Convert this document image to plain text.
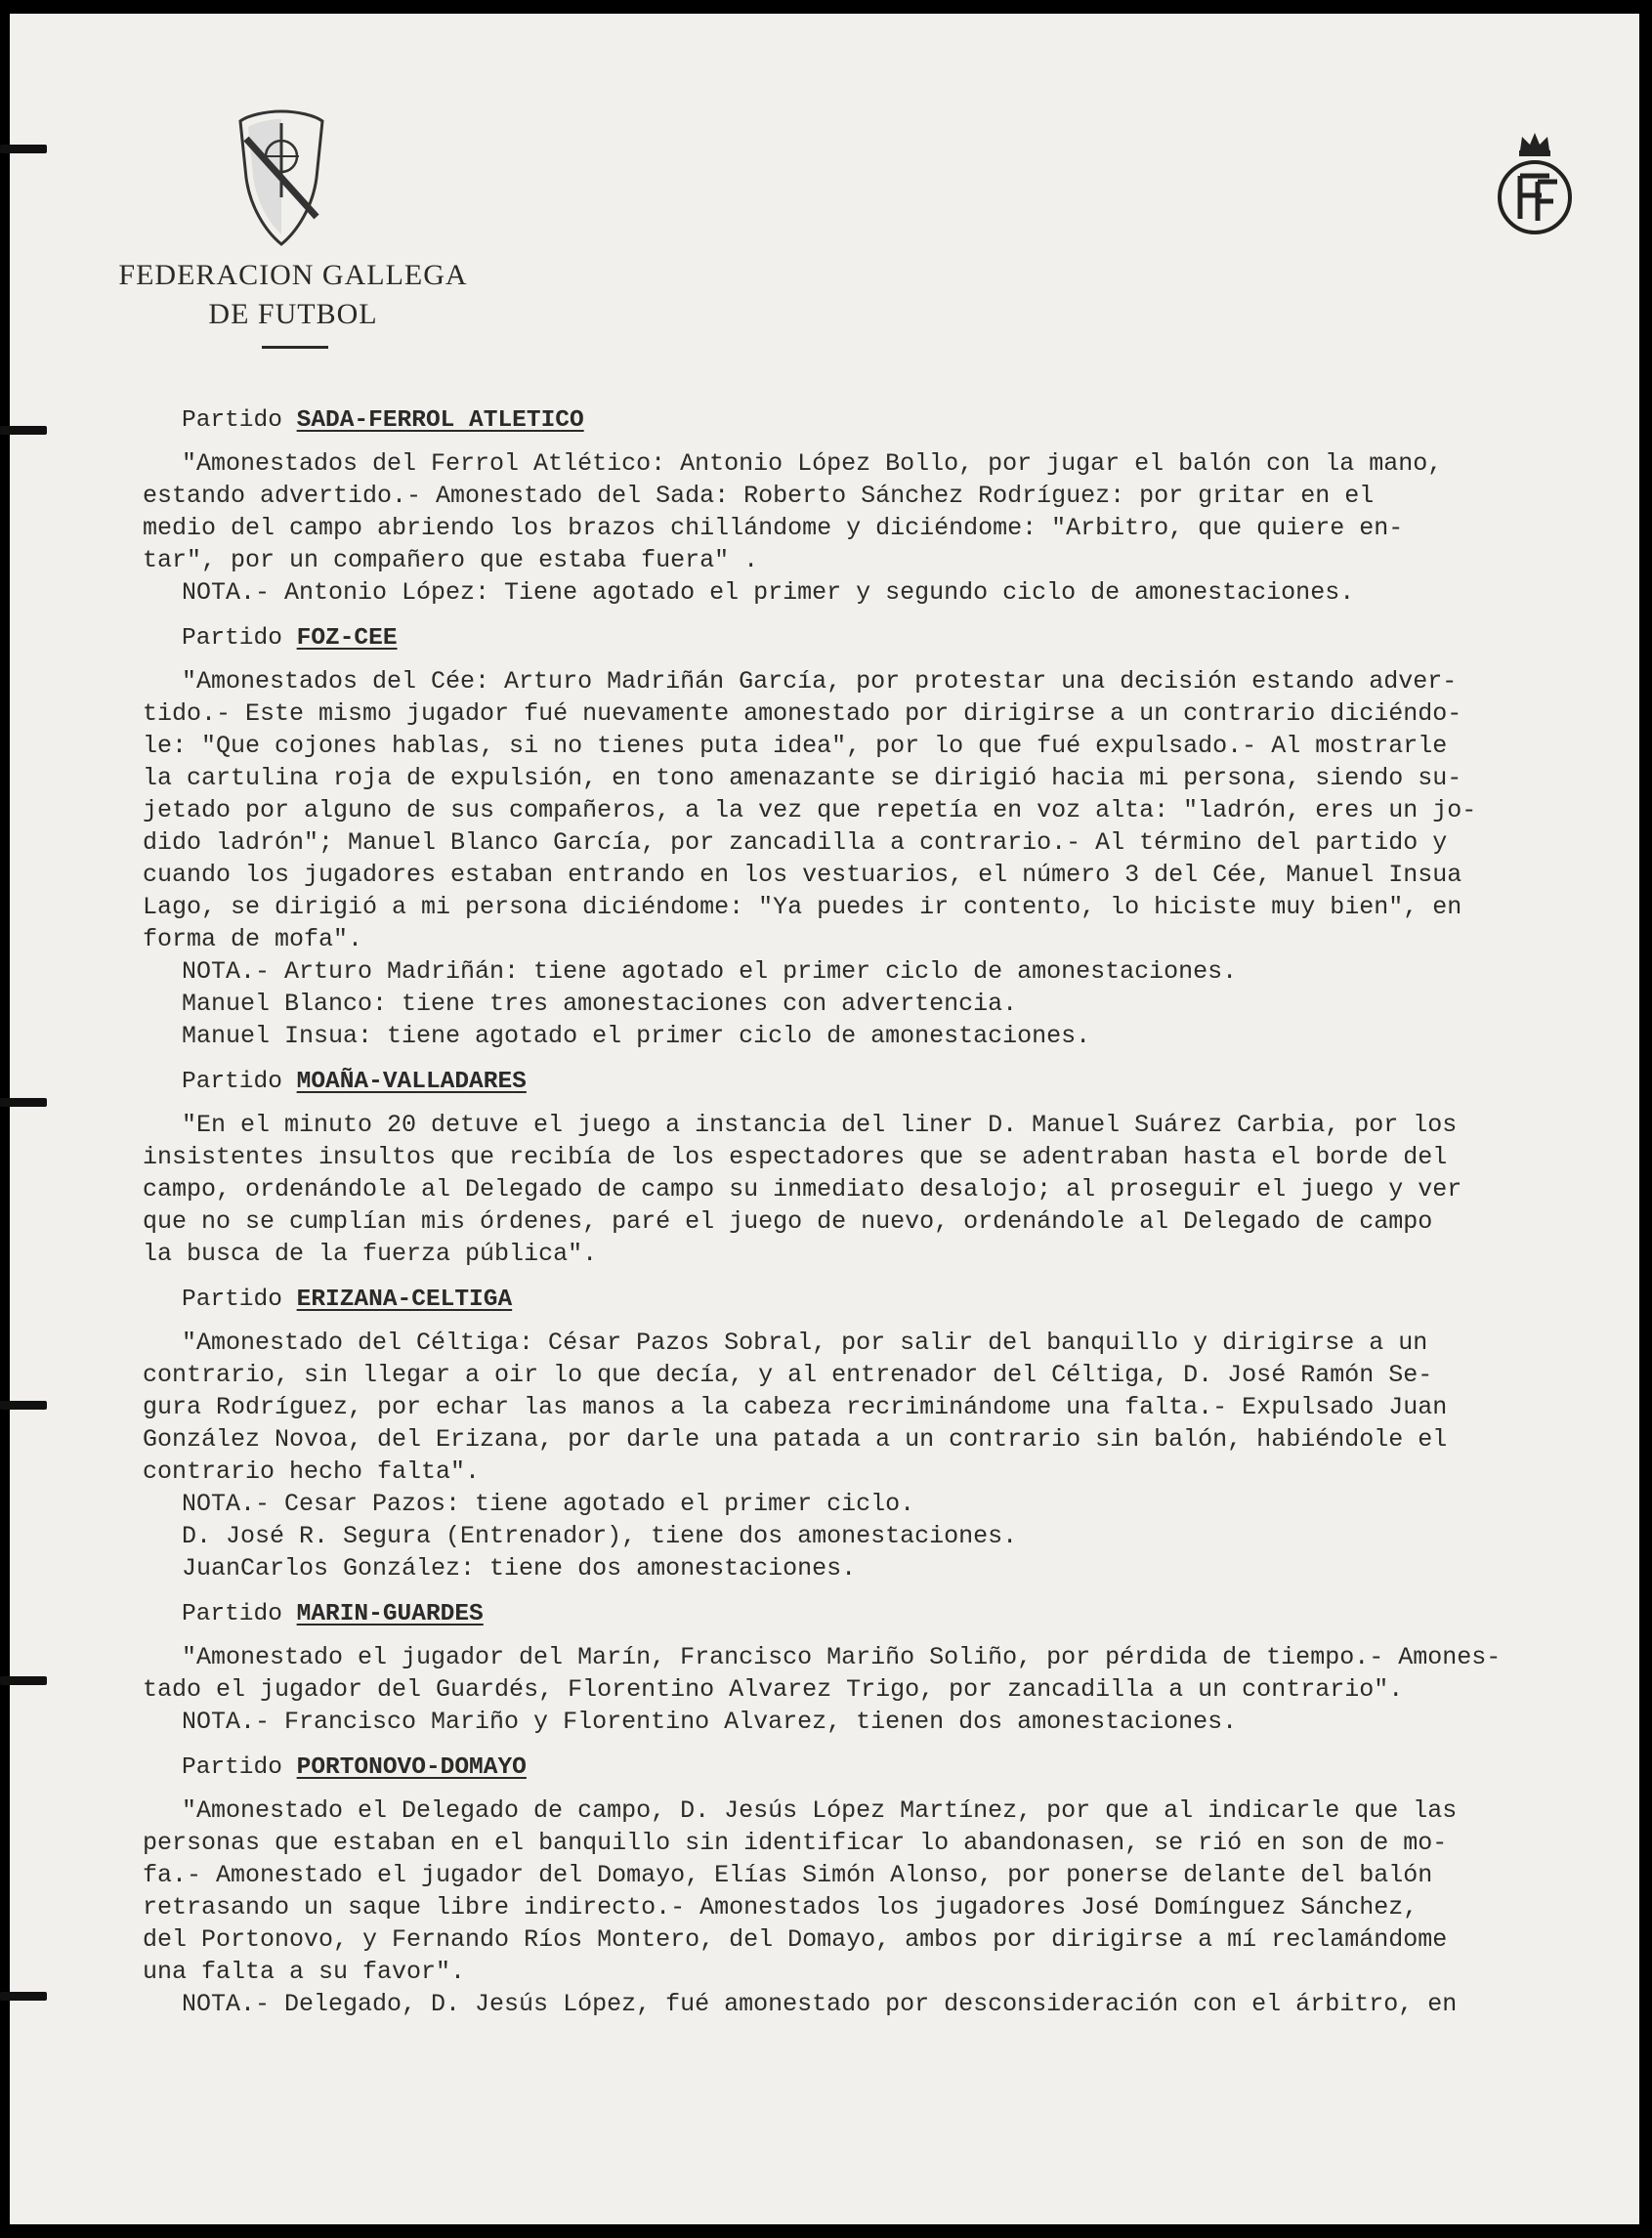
FEDERACION GALLEGA
DE FUTBOL
Partido SADA-FERROL ATLETICO
"Amonestados del Ferrol Atlético: Antonio López Bollo, por jugar el balón con la mano,
estando advertido.- Amonestado del Sada: Roberto Sánchez Rodríguez: por gritar en el
medio del campo abriendo los brazos chillándome y diciéndome: "Arbitro, que quiere en-
tar", por un compañero que estaba fuera" .
NOTA.- Antonio López: Tiene agotado el primer y segundo ciclo de amonestaciones.
Partido FOZ-CEE
"Amonestados del Cée: Arturo Madriñán García, por protestar una decisión estando adver-
tido.- Este mismo jugador fué nuevamente amonestado por dirigirse a un contrario diciéndo-
le: "Que cojones hablas, si no tienes puta idea", por lo que fué expulsado.- Al mostrarle
la cartulina roja de expulsión, en tono amenazante se dirigió hacia mi persona, siendo su-
jetado por alguno de sus compañeros, a la vez que repetía en voz alta: "ladrón, eres un jo-
dido ladrón"; Manuel Blanco García, por zancadilla a contrario.- Al término del partido y
cuando los jugadores estaban entrando en los vestuarios, el número 3 del Cée, Manuel Insua
Lago, se dirigió a mi persona diciéndome: "Ya puedes ir contento, lo hiciste muy bien", en
forma de mofa".
NOTA.- Arturo Madriñán: tiene agotado el primer ciclo de amonestaciones.
Manuel Blanco: tiene tres amonestaciones con advertencia.
Manuel Insua: tiene agotado el primer ciclo de amonestaciones.
Partido MOAÑA-VALLADARES
"En el minuto 20 detuve el juego a instancia del liner D. Manuel Suárez Carbia, por los
insistentes insultos que recibía de los espectadores que se adentraban hasta el borde del
campo, ordenándole al Delegado de campo su inmediato desalojo; al proseguir el juego y ver
que no se cumplían mis órdenes, paré el juego de nuevo, ordenándole al Delegado de campo
la busca de la fuerza pública".
Partido ERIZANA-CELTIGA
"Amonestado del Céltiga: César Pazos Sobral, por salir del banquillo y dirigirse a un
contrario, sin llegar a oir lo que decía, y al entrenador del Céltiga, D. José Ramón Se-
gura Rodríguez, por echar las manos a la cabeza recriminándome una falta.- Expulsado Juan
González Novoa, del Erizana, por darle una patada a un contrario sin balón, habiéndole el
contrario hecho falta".
NOTA.- Cesar Pazos: tiene agotado el primer ciclo.
D. José R. Segura (Entrenador), tiene dos amonestaciones.
JuanCarlos González: tiene dos amonestaciones.
Partido MARIN-GUARDES
"Amonestado el jugador del Marín, Francisco Mariño Soliño, por pérdida de tiempo.- Amones-
tado el jugador del Guardés, Florentino Alvarez Trigo, por zancadilla a un contrario".
NOTA.- Francisco Mariño y Florentino Alvarez, tienen dos amonestaciones.
Partido PORTONOVO-DOMAYO
"Amonestado el Delegado de campo, D. Jesús López Martínez, por que al indicarle que las
personas que estaban en el banquillo sin identificar lo abandonasen, se rió en son de mo-
fa.- Amonestado el jugador del Domayo, Elías Simón Alonso, por ponerse delante del balón
retrasando un saque libre indirecto.- Amonestados los jugadores José Domínguez Sánchez,
del Portonovo, y Fernando Ríos Montero, del Domayo, ambos por dirigirse a mí reclamándome
una falta a su favor".
NOTA.- Delegado, D. Jesús López, fué amonestado por desconsideración con el árbitro, en
